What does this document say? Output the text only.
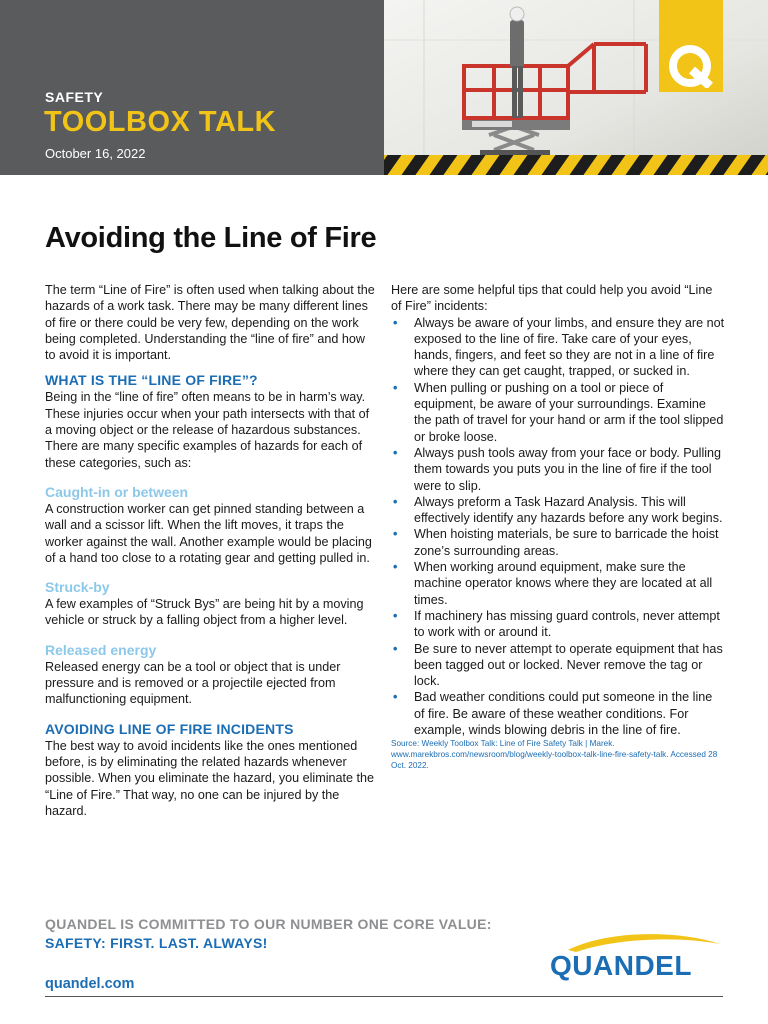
SAFETY
TOOLBOX TALK
October 16, 2022
Avoiding the Line of Fire

The term “Line of Fire” is often used when talking about the hazards of a work task. There may be many different lines of fire or there could be very few, depending on the work being completed. Understanding the “line of fire” and how to avoid it is important.

WHAT IS THE “LINE OF FIRE”?

Being in the “line of fire” often means to be in harm’s way. These injuries occur when your path intersects with that of a moving object or the release of hazardous substances.

There are many specific examples of hazards for each of these categories, such as:

Caught-in or between

A construction worker can get pinned standing between a wall and a scissor lift. When the lift moves, it traps the worker against the wall. Another example would be placing of a hand too close to a rotating gear and getting pulled in.

Struck-by

A few examples of “Struck Bys” are being hit by a moving vehicle or struck by a falling object from a higher level.

Released energy

Released energy can be a tool or object that is under pressure and is removed or a projectile ejected from malfunctioning equipment.

AVOIDING LINE OF FIRE INCIDENTS

The best way to avoid incidents like the ones mentioned before, is by eliminating the related hazards whenever possible. When you eliminate the hazard, you eliminate the “Line of Fire.” That way, no one can be injured by the hazard.

Here are some helpful tips that could help you avoid “Line of Fire” incidents:

• Always be aware of your limbs, and ensure they are not exposed to the line of fire. Take care of your eyes, hands, fingers, and feet so they are not in a line of fire where they can get caught, trapped, or sucked in.
• When pulling or pushing on a tool or piece of equipment, be aware of your surroundings. Examine the path of travel for your hand or arm if the tool slipped or broke loose.
• Always push tools away from your face or body. Pulling them towards you puts you in the line of fire if the tool were to slip.
• Always preform a Task Hazard Analysis. This will effectively identify any hazards before any work begins.
• When hoisting materials, be sure to barricade the hoist zone’s surrounding areas.
• When working around equipment, make sure the machine operator knows where they are located at all times.
• If machinery has missing guard controls, never attempt to work with or around it.
• Be sure to never attempt to operate equipment that has been tagged out or locked. Never remove the tag or lock.
• Bad weather conditions could put someone in the line of fire. Be aware of these weather conditions. For example, winds blowing debris in the line of fire.

Source: Weekly Toolbox Talk: Line of Fire Safety Talk | Marek. www.marekbros.com/newsroom/blog/weekly-toolbox-talk-line-fire-safety-talk. Accessed 28 Oct. 2022.

QUANDEL IS COMMITTED TO OUR NUMBER ONE CORE VALUE:
SAFETY: FIRST. LAST. ALWAYS!
quandel.com
QUANDEL
